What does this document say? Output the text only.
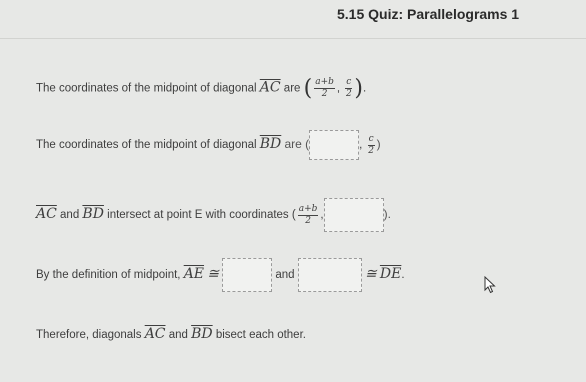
5.15 Quiz: Parallelograms 1
The coordinates of the midpoint of diagonal $\overline{AC}$ are ( $\frac{a+b}{2}$ , $\frac{c}{2}$ ).
The coordinates of the midpoint of diagonal $\overline{BD}$ are (	, $\frac{c}{2}$ )
$\overline{AC}$ and $\overline{BD}$ intersect at point E with coordinates ( $\frac{a+b}{2}$ ,	).
By the definition of midpoint, $\overline{AE}$ ≅	and	≅ $\overline{DE}$.
Therefore, diagonals $\overline{AC}$ and $\overline{BD}$ bisect each other.
